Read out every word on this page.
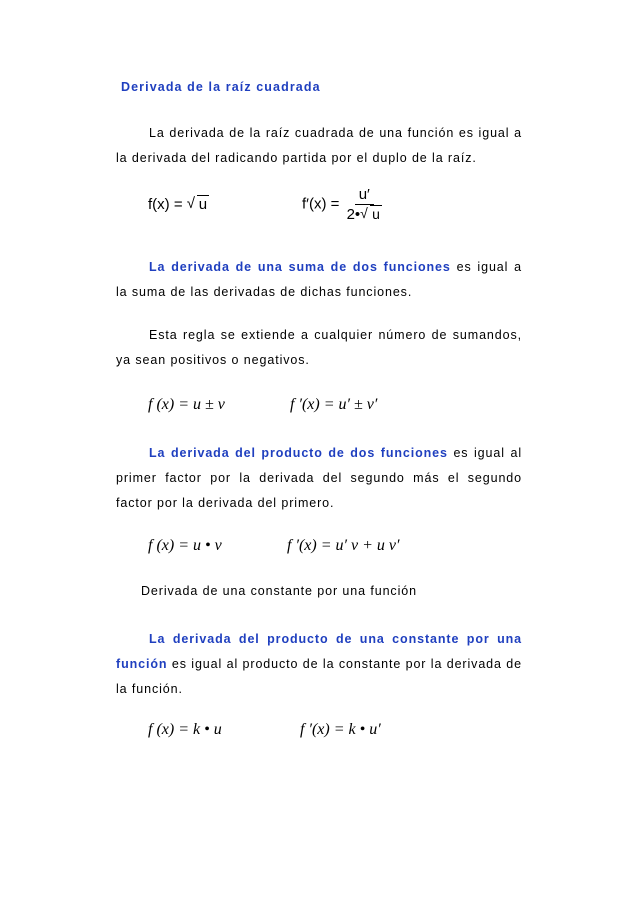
Derivada de la raíz cuadrada
La derivada de la raíz cuadrada de una función es igual a la derivada del radicando partida por el duplo de la raíz.
f(x) = √ u	$f'(x) = \frac{u'}{2• √ u}$
La derivada de una suma de dos funciones es igual a la suma de las derivadas de dichas funciones.
Esta regla se extiende a cualquier número de sumandos, ya sean positivos o negativos.
f (x) = u ± v	f ′(x) = u′ ± v′
La derivada del producto de dos funciones es igual al primer factor por la derivada del segundo más el segundo factor por la derivada del primero.
f (x) = u • v	f ′(x) = u′ v + u v′
Derivada de una constante por una función
La derivada del producto de una constante por una función es igual al producto de la constante por la derivada de la función.
f (x) = k • u	f ′(x) = k • u′
